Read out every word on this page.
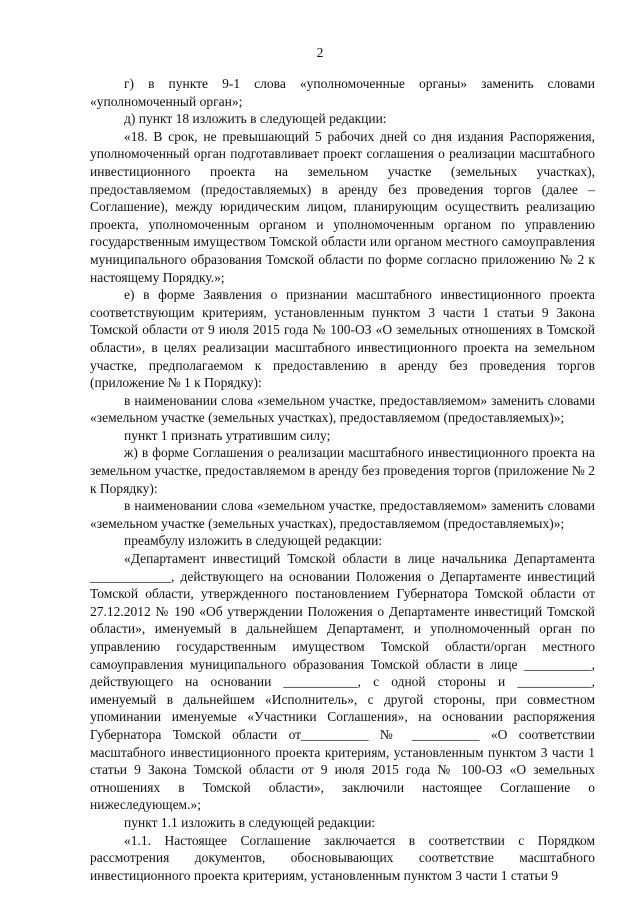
2

г) в пункте 9-1 слова «уполномоченные органы» заменить словами «уполномоченный орган»;

д) пункт 18 изложить в следующей редакции:

«18. В срок, не превышающий 5 рабочих дней со дня издания Распоряжения, уполномоченный орган подготавливает проект соглашения о реализации масштабного инвестиционного проекта на земельном участке (земельных участках), предоставляемом (предоставляемых) в аренду без проведения торгов (далее – Соглашение), между юридическим лицом, планирующим осуществить реализацию проекта, уполномоченным органом и уполномоченным органом по управлению государственным имуществом Томской области или органом местного самоуправления муниципального образования Томской области по форме согласно приложению № 2 к настоящему Порядку.»;

е) в форме Заявления о признании масштабного инвестиционного проекта соответствующим критериям, установленным пунктом 3 части 1 статьи 9 Закона Томской области от 9 июля 2015 года № 100-ОЗ «О земельных отношениях в Томской области», в целях реализации масштабного инвестиционного проекта на земельном участке, предполагаемом к предоставлению в аренду без проведения торгов (приложение № 1 к Порядку):

в наименовании слова «земельном участке, предоставляемом» заменить словами «земельном участке (земельных участках), предоставляемом (предоставляемых)»;

пункт 1 признать утратившим силу;

ж) в форме Соглашения о реализации масштабного инвестиционного проекта на земельном участке, предоставляемом в аренду без проведения торгов (приложение № 2 к Порядку):

в наименовании слова «земельном участке, предоставляемом» заменить словами «земельном участке (земельных участках), предоставляемом (предоставляемых)»;

преамбулу изложить в следующей редакции:

«Департамент инвестиций Томской области в лице начальника Департамента ____________, действующего на основании Положения о Департаменте инвестиций Томской области, утвержденного постановлением Губернатора Томской области от 27.12.2012 № 190 «Об утверждении Положения о Департаменте инвестиций Томской области», именуемый в дальнейшем Департамент, и уполномоченный орган по управлению государственным имуществом Томской области/орган местного самоуправления муниципального образования Томской области в лице __________, действующего на основании ___________, с одной стороны и ___________, именуемый в дальнейшем «Исполнитель», с другой стороны, при совместном упоминании именуемые «Участники Соглашения», на основании распоряжения Губернатора Томской области от__________ № __________ «О соответствии масштабного инвестиционного проекта критериям, установленным пунктом 3 части 1 статьи 9 Закона Томской области от 9 июля 2015 года № 100-ОЗ «О земельных отношениях в Томской области», заключили настоящее Соглашение о нижеследующем.»;

пункт 1.1 изложить в следующей редакции:

«1.1. Настоящее Соглашение заключается в соответствии с Порядком рассмотрения документов, обосновывающих соответствие масштабного инвестиционного проекта критериям, установленным пунктом 3 части 1 статьи 9
